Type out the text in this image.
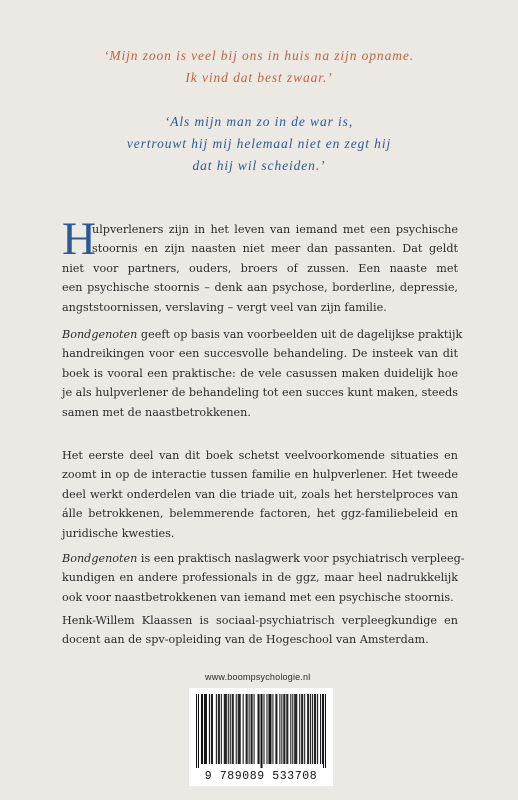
‘Mijn zoon is veel bij ons in huis na zijn opname.
Ik vind dat best zwaar.’
‘Als mijn man zo in de war is,
vertrouwt hij mij helemaal niet en zegt hij
dat hij wil scheiden.’
H
ulpverleners zijn in het leven van iemand met een psychische
stoornis en zijn naasten niet meer dan passanten. Dat geldt
niet voor partners, ouders, broers of zussen. Een naaste met
een psychische stoornis – denk aan psychose, borderline, depressie,
angststoornissen, verslaving – vergt veel van zijn familie.
Bondgenoten geeft op basis van voorbeelden uit de dagelijkse praktijk
handreikingen voor een succesvolle behandeling. De insteek van dit
boek is vooral een praktische: de vele casussen maken duidelijk hoe
je als hulpverlener de behandeling tot een succes kunt maken, steeds
samen met de naastbetrokkenen.
Het eerste deel van dit boek schetst veelvoorkomende situaties en
zoomt in op de interactie tussen familie en hulpverlener. Het tweede
deel werkt onderdelen van die triade uit, zoals het herstelproces van
álle betrokkenen, belemmerende factoren, het ggz-familiebeleid en
juridische kwesties.
Bondgenoten is een praktisch naslagwerk voor psychiatrisch verpleeg-
kundigen en andere professionals in de ggz, maar heel nadrukkelijk
ook voor naastbetrokkenen van iemand met een psychische stoornis.
Henk-Willem Klaassen is sociaal-psychiatrisch verpleegkundige en
docent aan de spv-opleiding van de Hogeschool van Amsterdam.
www.boompsychologie.nl
9 789089 533708
